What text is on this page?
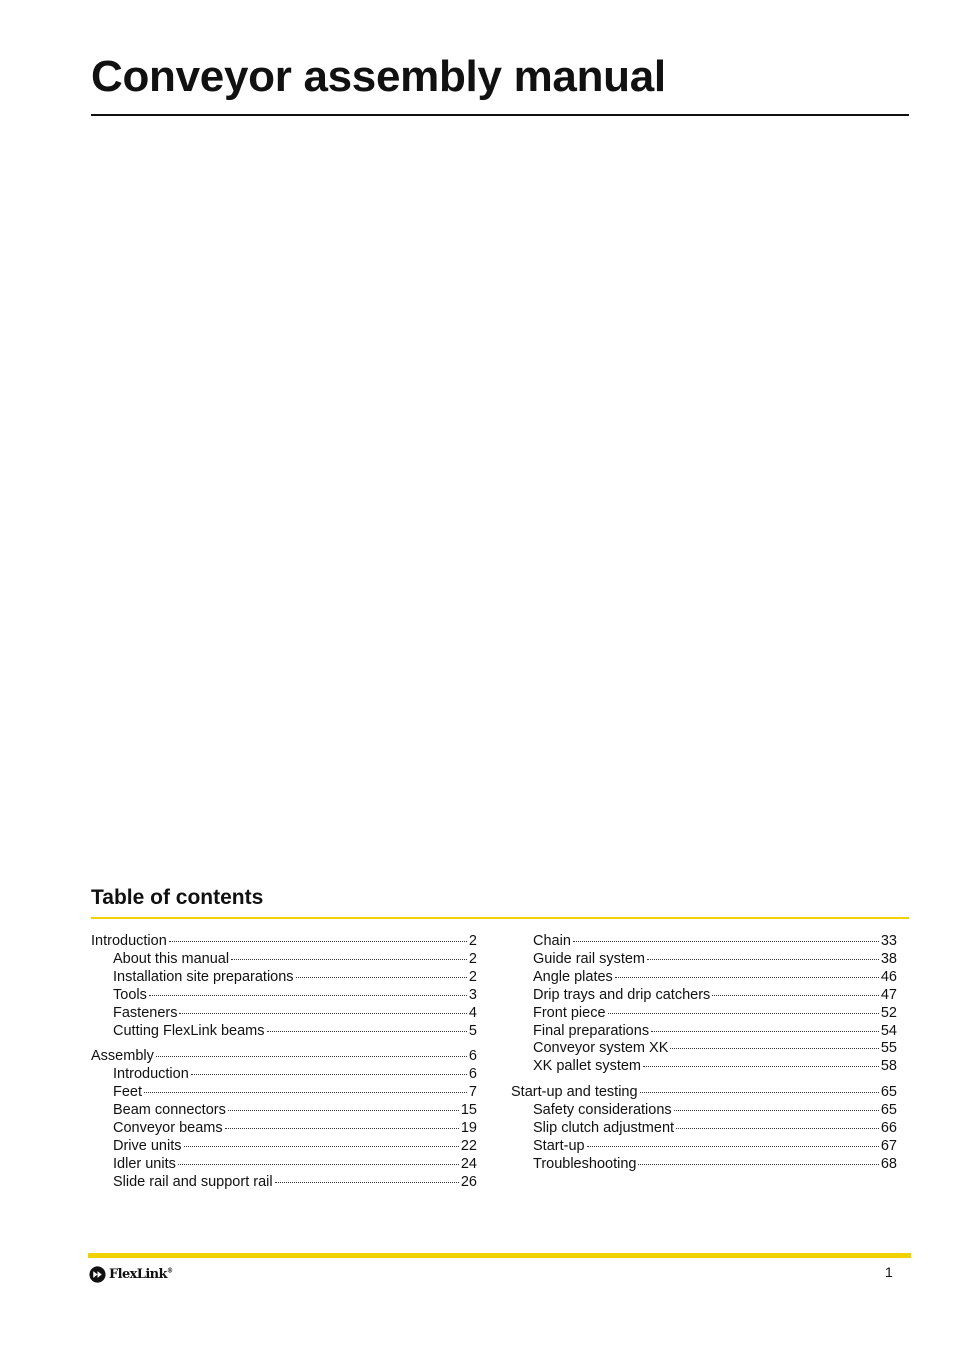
Conveyor assembly manual
Table of contents
Introduction	2
About this manual	2
Installation site preparations	2
Tools	3
Fasteners	4
Cutting FlexLink beams	5
Assembly	6
Introduction	6
Feet	7
Beam connectors	15
Conveyor beams	19
Drive units	22
Idler units	24
Slide rail and support rail	26
Chain	33
Guide rail system	38
Angle plates	46
Drip trays and drip catchers	47
Front piece	52
Final preparations	54
Conveyor system XK	55
XK pallet system	58
Start-up and testing	65
Safety considerations	65
Slip clutch adjustment	66
Start-up	67
Troubleshooting	68
FlexLink®	1
